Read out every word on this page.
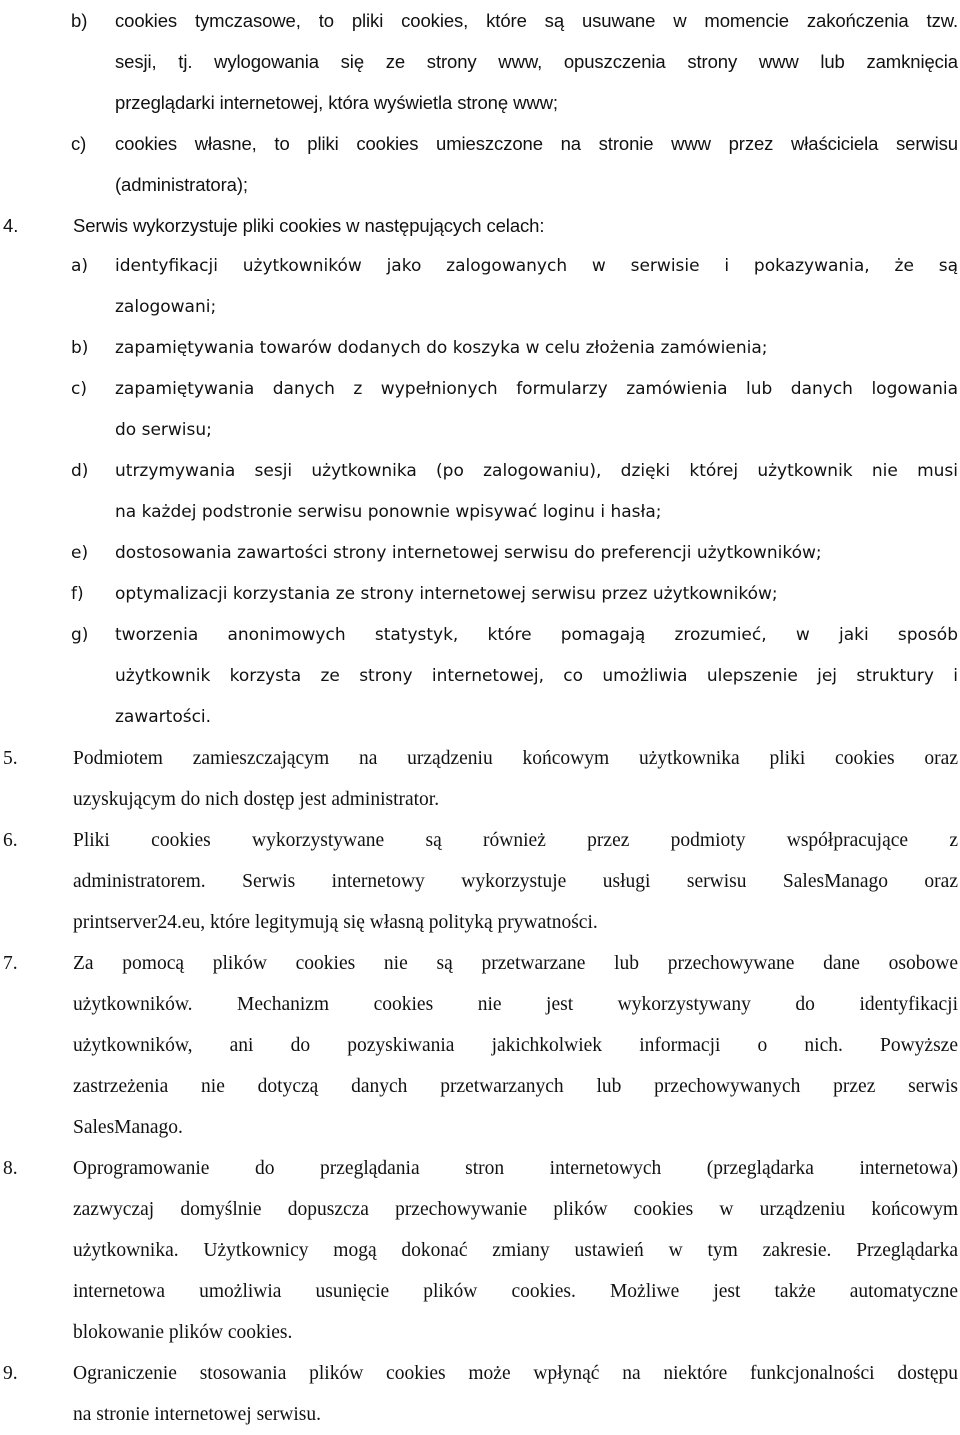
b) cookies tymczasowe, to pliki cookies, które są usuwane w momencie zakończenia tzw.
sesji, tj. wylogowania się ze strony www, opuszczenia strony www lub zamknięcia
przeglądarki internetowej, która wyświetla stronę www;
c) cookies własne, to pliki cookies umieszczone na stronie www przez właściciela serwisu
(administratora);
4.	Serwis wykorzystuje pliki cookies w następujących celach:
a) identyfikacji użytkowników jako zalogowanych w serwisie i pokazywania, że są
zalogowani;
b) zapamiętywania towarów dodanych do koszyka w celu złożenia zamówienia;
c) zapamiętywania danych z wypełnionych formularzy zamówienia lub danych logowania
do serwisu;
d) utrzymywania sesji użytkownika (po zalogowaniu), dzięki której użytkownik nie musi
na każdej podstronie serwisu ponownie wpisywać loginu i hasła;
e) dostosowania zawartości strony internetowej serwisu do preferencji użytkowników;
f) optymalizacji korzystania ze strony internetowej serwisu przez użytkowników;
g) tworzenia anonimowych statystyk, które pomagają zrozumieć, w jaki sposób
użytkownik korzysta ze strony internetowej, co umożliwia ulepszenie jej struktury i
zawartości.
5.	Podmiotem zamieszczającym na urządzeniu końcowym użytkownika pliki cookies oraz
uzyskującym do nich dostęp jest administrator.
6.	Pliki cookies wykorzystywane są również przez podmioty współpracujące z
administratorem. Serwis internetowy wykorzystuje usługi serwisu SalesManago oraz
printserver24.eu, które legitymują się własną polityką prywatności.
7.	Za pomocą plików cookies nie są przetwarzane lub przechowywane dane osobowe
użytkowników. Mechanizm cookies nie jest wykorzystywany do identyfikacji
użytkowników, ani do pozyskiwania jakichkolwiek informacji o nich. Powyższe
zastrzeżenia nie dotyczą danych przetwarzanych lub przechowywanych przez serwis
SalesManago.
8.	Oprogramowanie do przeglądania stron internetowych (przeglądarka internetowa)
zazwyczaj domyślnie dopuszcza przechowywanie plików cookies w urządzeniu końcowym
użytkownika. Użytkownicy mogą dokonać zmiany ustawień w tym zakresie. Przeglądarka
internetowa umożliwia usunięcie plików cookies. Możliwe jest także automatyczne
blokowanie plików cookies.
9.	Ograniczenie stosowania plików cookies może wpłynąć na niektóre funkcjonalności dostępu
na stronie internetowej serwisu.
